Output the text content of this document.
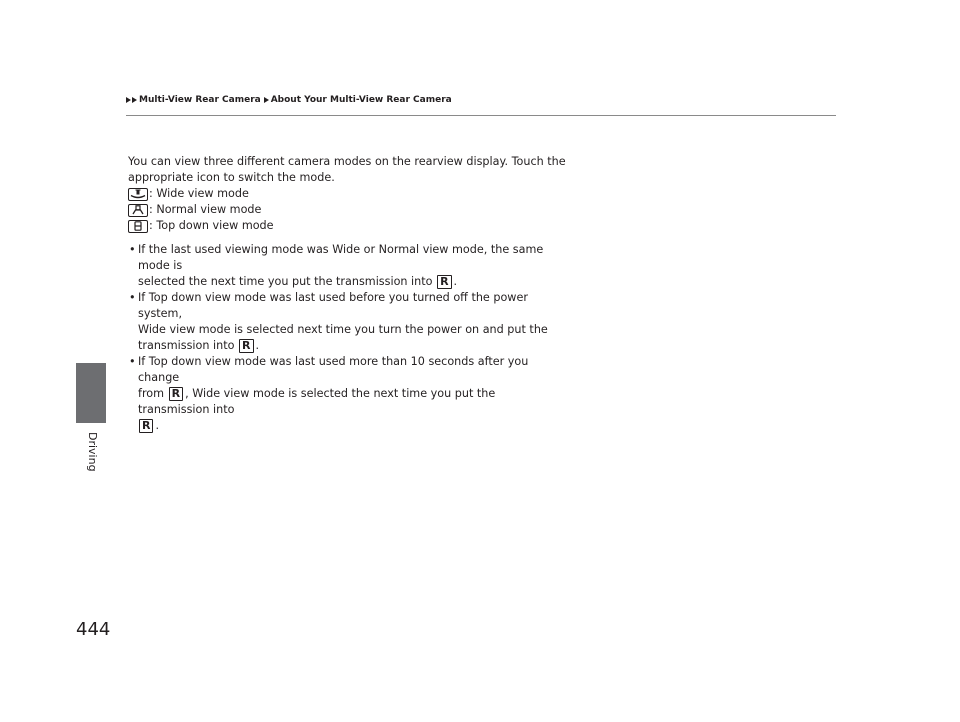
Multi-View Rear Camera About Your Multi-View Rear Camera
Driving
444

You can view three different camera modes on the rearview display. Touch the

appropriate icon to switch the mode.

: Wide view mode
: Normal view mode
: Top down view mode
• If the last used viewing mode was Wide or Normal view mode, the same mode is
selected the next time you put the transmission into R .
• If Top down view mode was last used before you turned off the power system,
Wide view mode is selected next time you turn the power on and put the
transmission into R .
• If Top down view mode was last used more than 10 seconds after you change
from R , Wide view mode is selected the next time you put the transmission into
R .
